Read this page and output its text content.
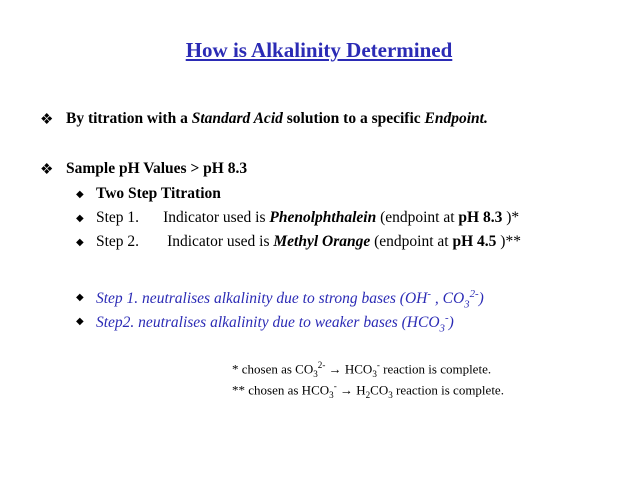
How is Alkalinity Determined
❖ By titration with a Standard Acid solution to a specific Endpoint.
❖ Sample pH Values > pH 8.3
◆ Two Step Titration
◆ Step 1. Indicator used is Phenolphthalein (endpoint at pH 8.3 )*
◆ Step 2. Indicator used is Methyl Orange (endpoint at pH 4.5 )**
◆ Step 1. neutralises alkalinity due to strong bases (OH- , $CO_3^{2-}$)
◆ Step2. neutralises alkalinity due to weaker bases $(HCO_3^-)$
* chosen as $CO_3^{2-} \to HCO_3^-$ reaction is complete.
** chosen as $HCO_3^- \to H_2CO_3$ reaction is complete.
